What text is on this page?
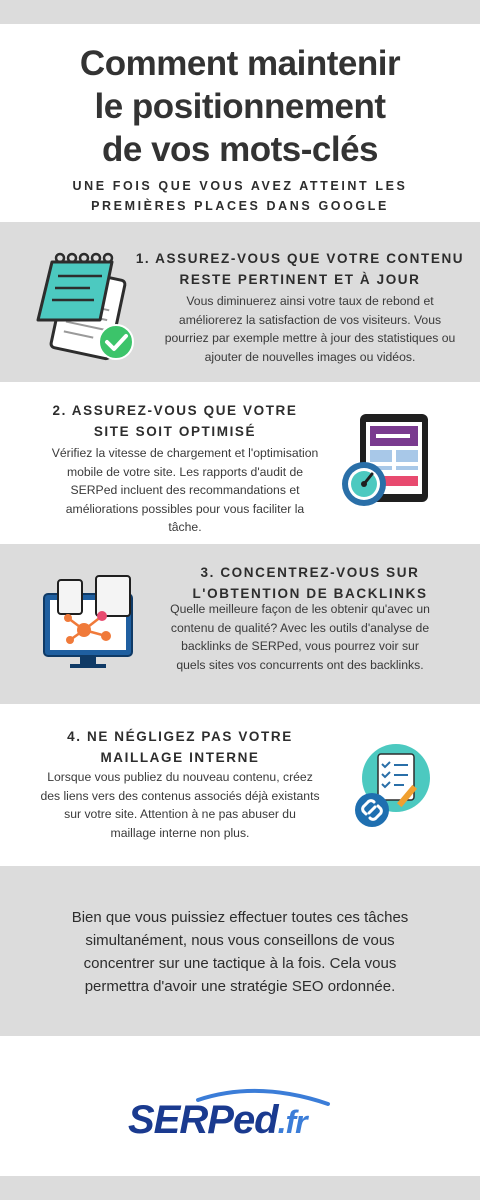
Comment maintenir
le positionnement
de vos mots-clés
UNE FOIS QUE VOUS AVEZ ATTEINT LES
PREMIÈRES PLACES DANS GOOGLE
1. ASSUREZ-VOUS QUE VOTRE CONTENU
RESTE PERTINENT ET À JOUR

Vous diminuerez ainsi votre taux de rebond et améliorerez la satisfaction de vos visiteurs. Vous pourriez par exemple mettre à jour des statistiques ou ajouter de nouvelles images ou vidéos.

2. ASSUREZ-VOUS QUE VOTRE
SITE SOIT OPTIMISÉ

Vérifiez la vitesse de chargement et l'optimisation mobile de votre site. Les rapports d'audit de SERPed incluent des recommandations et améliorations possibles pour vous faciliter la tâche.

3. CONCENTREZ-VOUS SUR
L'OBTENTION DE BACKLINKS

Quelle meilleure façon de les obtenir qu'avec un contenu de qualité? Avec les outils d'analyse de backlinks de SERPed, vous pourrez voir sur quels sites vos concurrents ont des backlinks.

4. NE NÉGLIGEZ PAS VOTRE
MAILLAGE INTERNE

Lorsque vous publiez du nouveau contenu, créez des liens vers des contenus associés déjà existants sur votre site. Attention à ne pas abuser du maillage interne non plus.

Bien que vous puissiez effectuer toutes ces tâches simultanément, nous vous conseillons de vous concentrer sur une tactique à la fois. Cela vous permettra d'avoir une stratégie SEO ordonnée.

SERPed.fr
